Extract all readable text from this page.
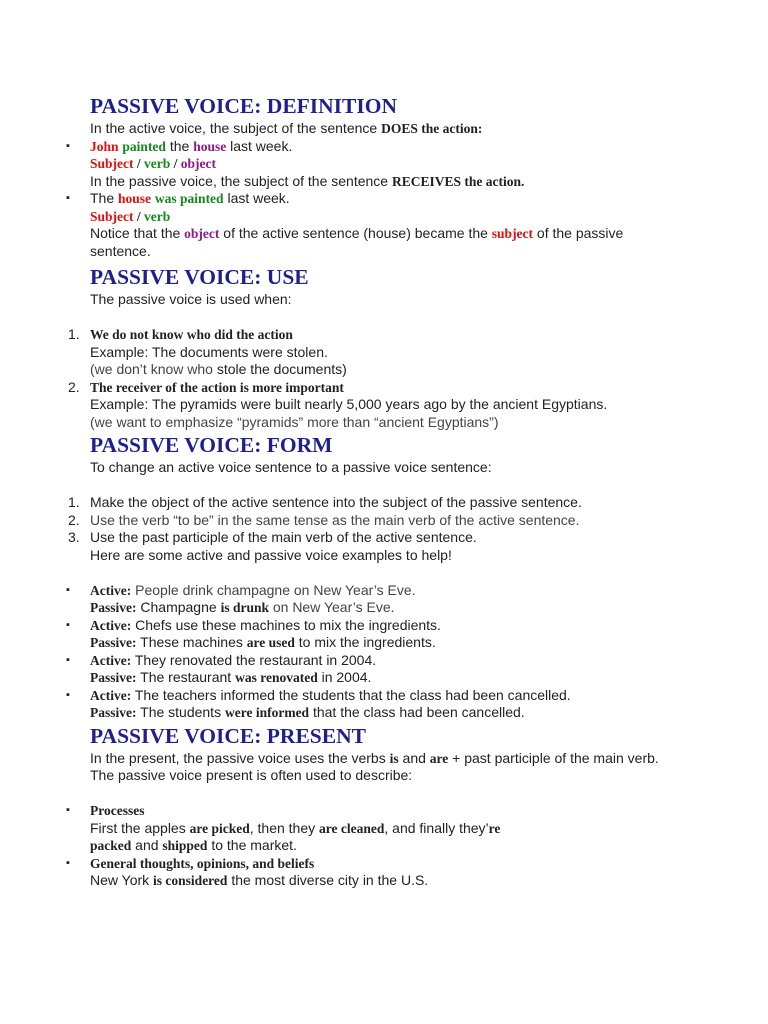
PASSIVE VOICE: DEFINITION
In the active voice, the subject of the sentence DOES the action:
▪	John painted the house last week.
Subject / verb / object
In the passive voice, the subject of the sentence RECEIVES the action.
▪	The house was painted last week.
Subject / verb
Notice that the object of the active sentence (house) became the subject of the passive sentence.
PASSIVE VOICE: USE
The passive voice is used when:
1. We do not know who did the action
Example: The documents were stolen.
(we don’t know who stole the documents)
2. The receiver of the action is more important
Example: The pyramids were built nearly 5,000 years ago by the ancient Egyptians.
(we want to emphasize “pyramids” more than “ancient Egyptians”)
PASSIVE VOICE: FORM
To change an active voice sentence to a passive voice sentence:
1. Make the object of the active sentence into the subject of the passive sentence.
2. Use the verb “to be” in the same tense as the main verb of the active sentence.
3. Use the past participle of the main verb of the active sentence.
Here are some active and passive voice examples to help!
▪	Active: People drink champagne on New Year’s Eve.
Passive: Champagne is drunk on New Year’s Eve.
▪	Active: Chefs use these machines to mix the ingredients.
Passive: These machines are used to mix the ingredients.
▪	Active: They renovated the restaurant in 2004.
Passive: The restaurant was renovated in 2004.
▪	Active: The teachers informed the students that the class had been cancelled.
Passive: The students were informed that the class had been cancelled.
PASSIVE VOICE: PRESENT
In the present, the passive voice uses the verbs is and are + past participle of the main verb.
The passive voice present is often used to describe:
▪	Processes
First the apples are picked, then they are cleaned, and finally they’re
packed and shipped to the market.
▪	General thoughts, opinions, and beliefs
New York is considered the most diverse city in the U.S.
